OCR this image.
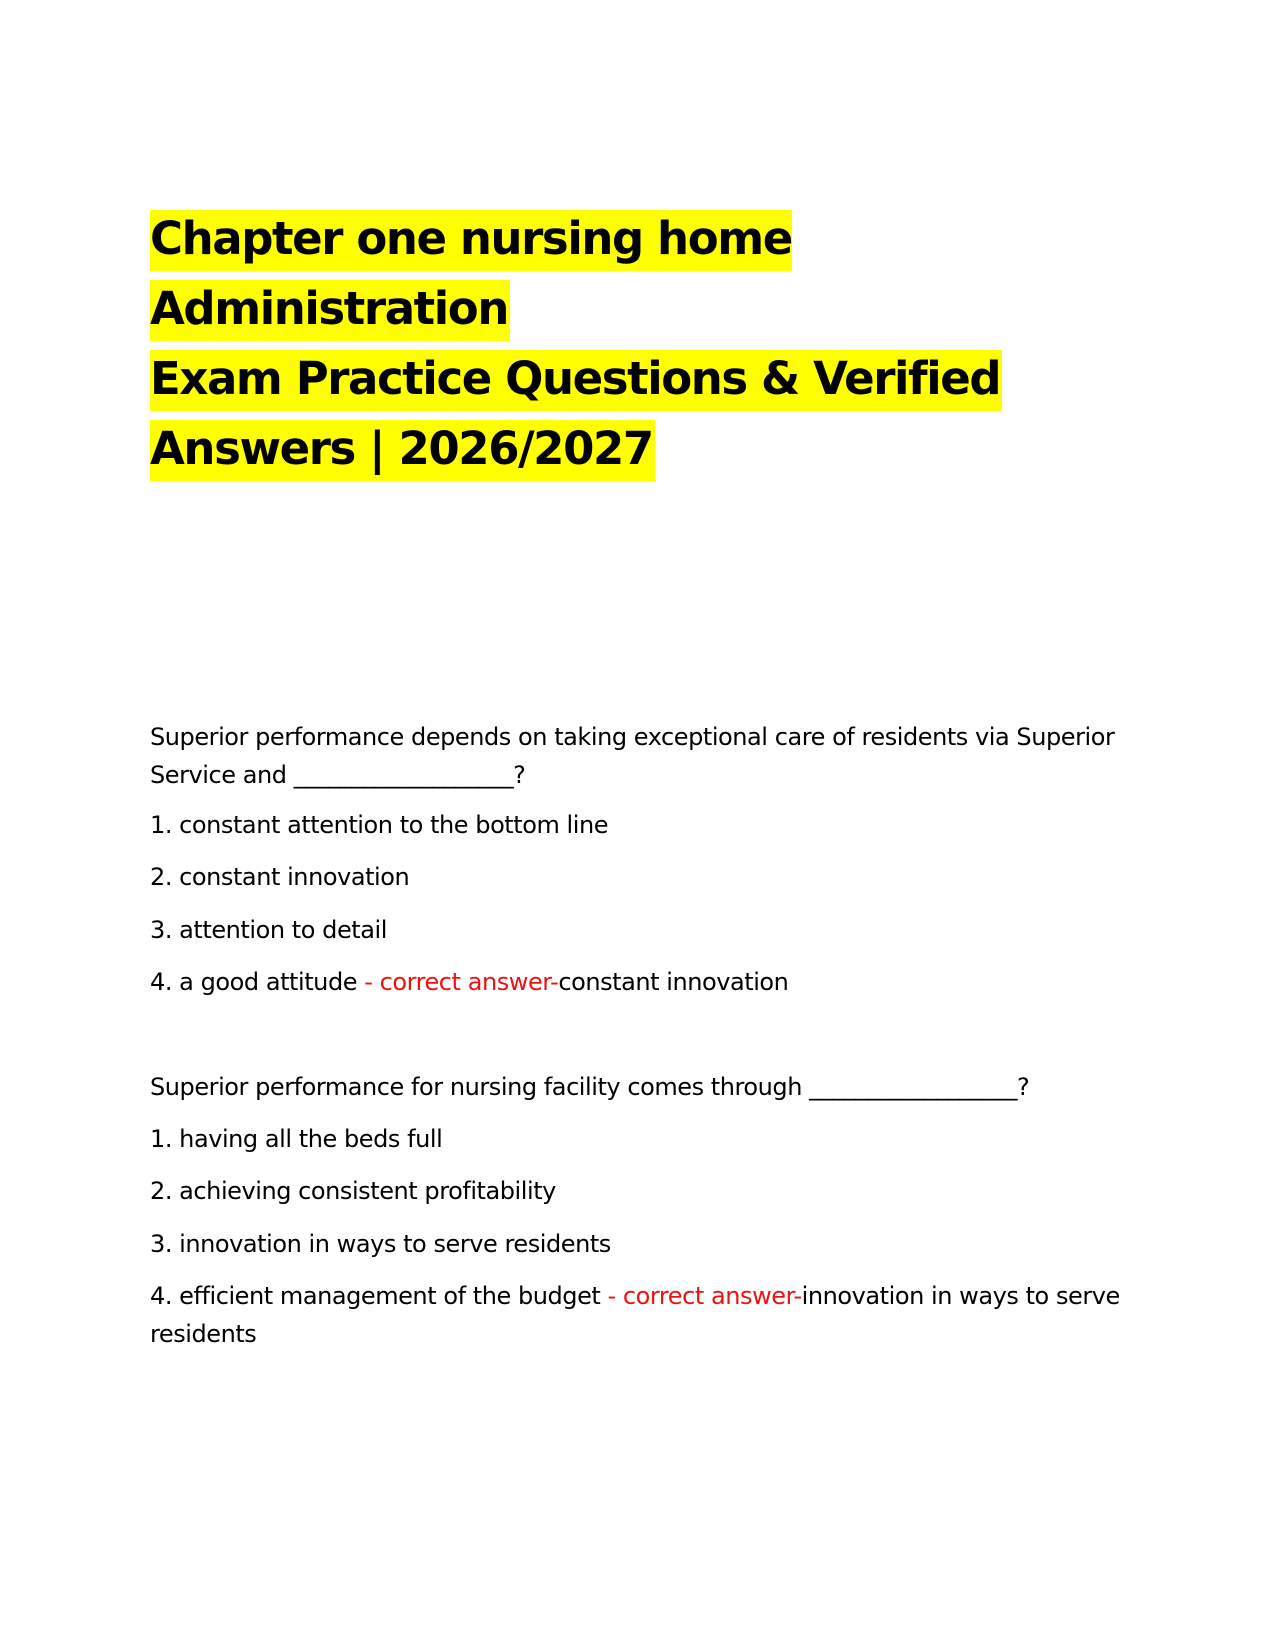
Chapter one nursing home Administration
Exam Practice Questions & Verified
Answers | 2026/2027

Superior performance depends on taking exceptional care of residents via Superior Service and ___________________?

1. constant attention to the bottom line

2. constant innovation

3. attention to detail

4. a good attitude - correct answer-constant innovation

Superior performance for nursing facility comes through __________________?

1. having all the beds full

2. achieving consistent profitability

3. innovation in ways to serve residents

4. efficient management of the budget - correct answer-innovation in ways to serve residents
